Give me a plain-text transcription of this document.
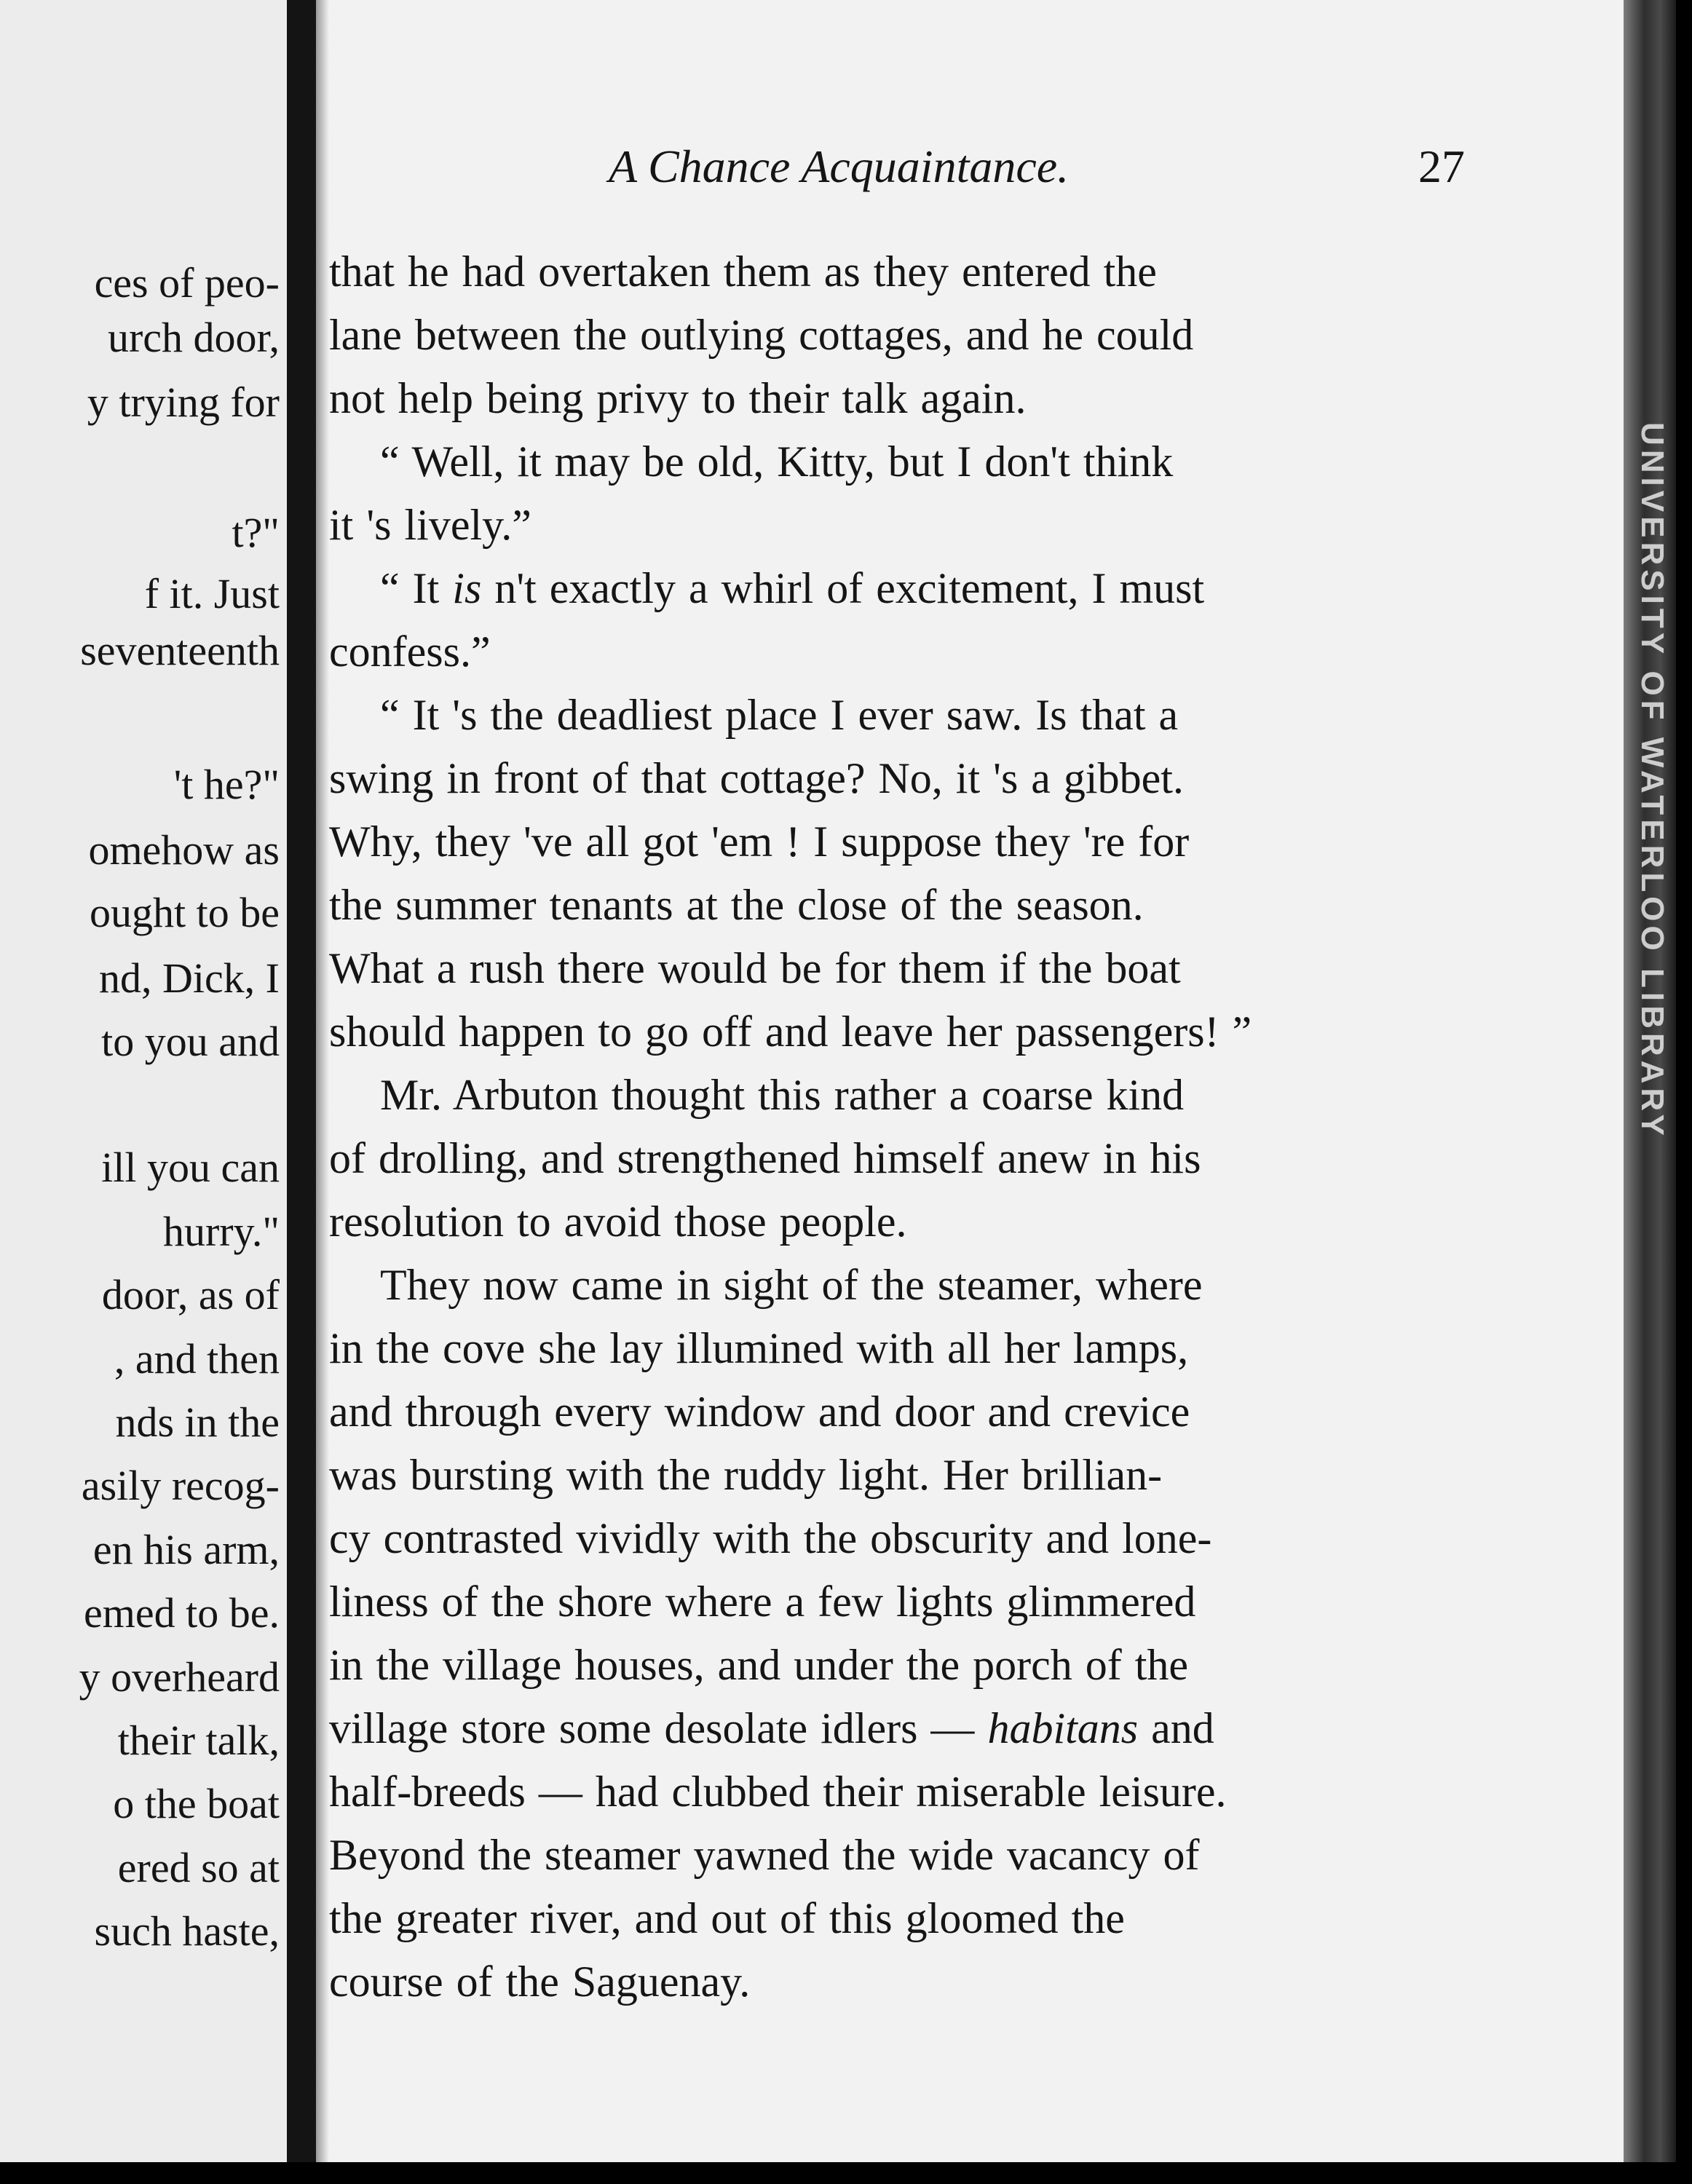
ces of peo-

urch door,

y trying for

t?"

f it. Just

seventeenth

't he?"

omehow as

ought to be

nd, Dick, I

to you and

ill you can

hurry."

door, as of

, and then

nds in the

asily recog-

en his arm,

emed to be.

y overheard

their talk,

o the boat

ered so at

such haste,

A Chance Acquaintance.	27

that he had overtaken them as they entered the

lane between the outlying cottages, and he could

not help being privy to their talk again.

“ Well, it may be old, Kitty, but I don't think

it 's lively.”

“ It is n't exactly a whirl of excitement, I must

confess.”

“ It 's the deadliest place I ever saw. Is that a

swing in front of that cottage? No, it 's a gibbet.

Why, they 've all got 'em ! I suppose they 're for

the summer tenants at the close of the season.

What a rush there would be for them if the boat

should happen to go off and leave her passengers! ”

Mr. Arbuton thought this rather a coarse kind

of drolling, and strengthened himself anew in his

resolution to avoid those people.

They now came in sight of the steamer, where

in the cove she lay illumined with all her lamps,

and through every window and door and crevice

was bursting with the ruddy light. Her brillian-

cy contrasted vividly with the obscurity and lone-

liness of the shore where a few lights glimmered

in the village houses, and under the porch of the

village store some desolate idlers — habitans and

half-breeds — had clubbed their miserable leisure.

Beyond the steamer yawned the wide vacancy of

the greater river, and out of this gloomed the

course of the Saguenay.

UNIVERSITY OF WATERLOO LIBRARY
